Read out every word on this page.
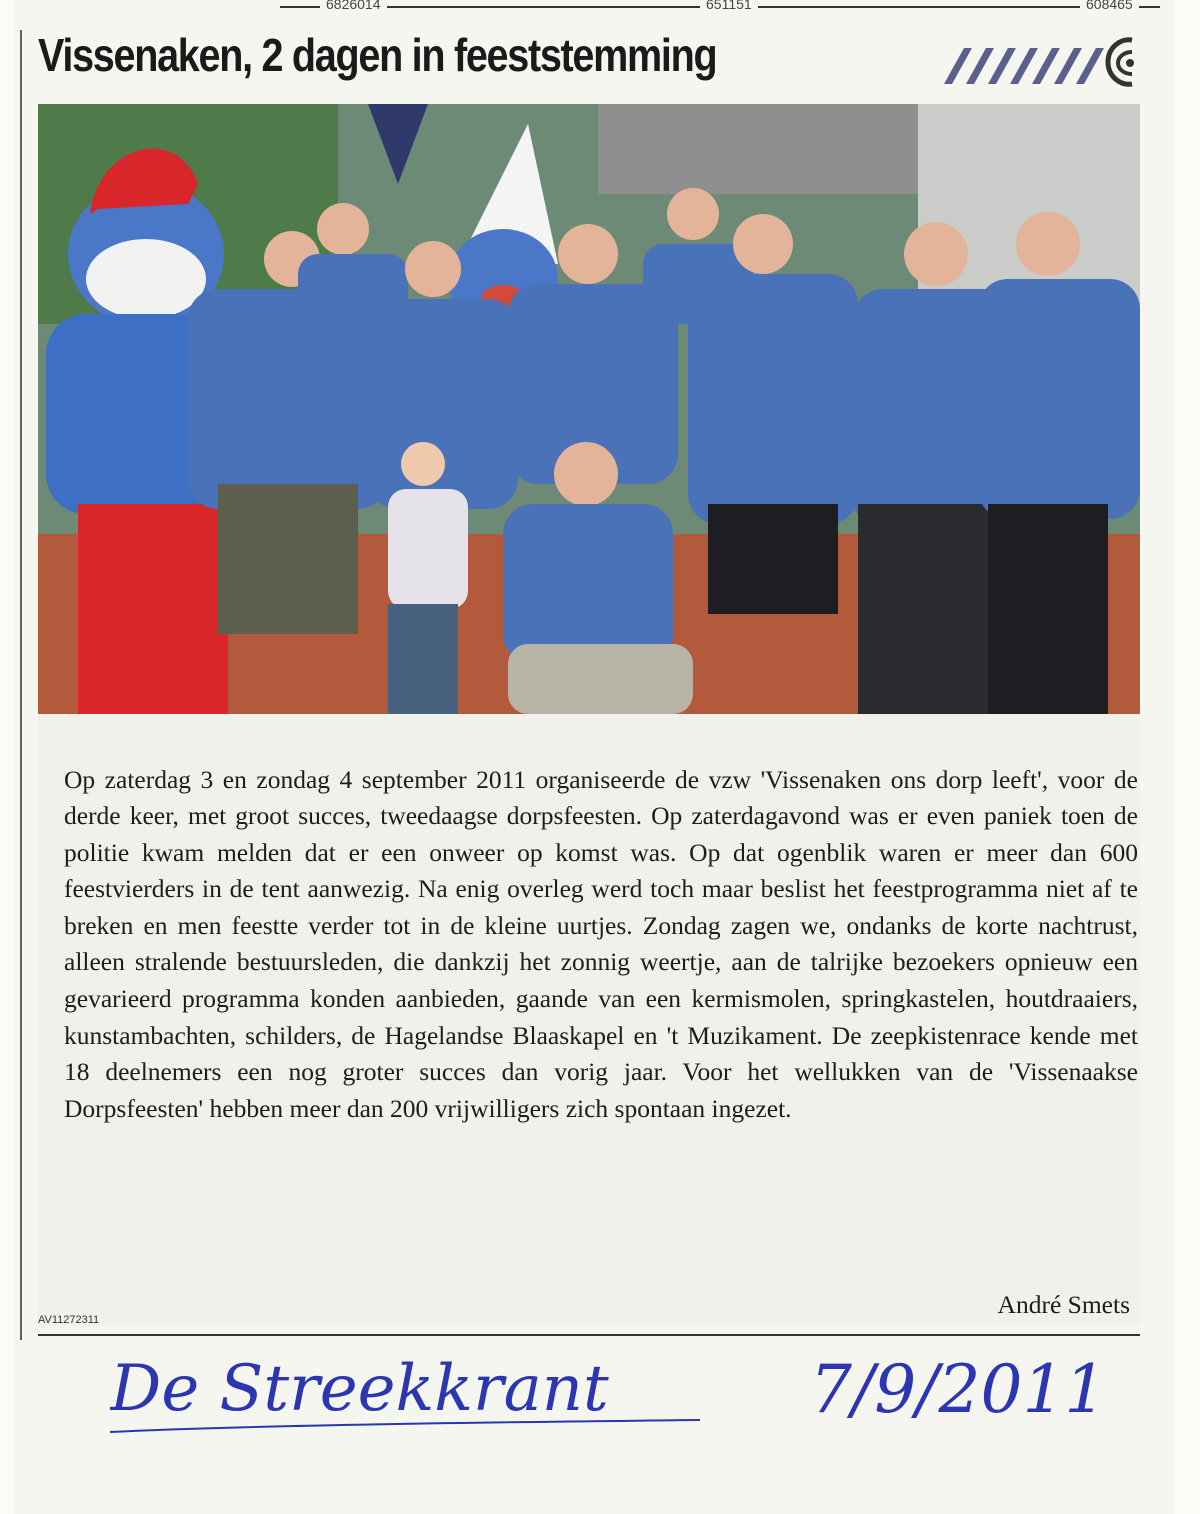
6826014	651151	608465
Vissenaken, 2 dagen in feeststemming

Op zaterdag 3 en zondag 4 september 2011 organiseerde de vzw 'Vissenaken ons dorp leeft', voor de derde keer, met groot succes, tweedaagse dorpsfeesten. Op zaterdagavond was er even paniek toen de politie kwam melden dat er een onweer op komst was. Op dat ogenblik waren er meer dan 600 feestvierders in de tent aanwezig. Na enig overleg werd toch maar beslist het feestprogramma niet af te breken en men feestte verder tot in de kleine uurtjes. Zondag zagen we, ondanks de korte nachtrust, alleen stralende bestuursleden, die dankzij het zonnig weertje, aan de talrijke bezoekers opnieuw een gevarieerd programma konden aanbieden, gaande van een kermismolen, springkastelen, houtdraaiers, kunstambachten, schilders, de Hagelandse Blaaskapel en 't Muzikament. De zeepkistenrace kende met 18 deelnemers een nog groter succes dan vorig jaar. Voor het wellukken van de 'Vissenaakse Dorpsfeesten' hebben meer dan 200 vrijwilligers zich spontaan ingezet.

André Smets
AV11272311
De Streekkrant	7/9/2011
